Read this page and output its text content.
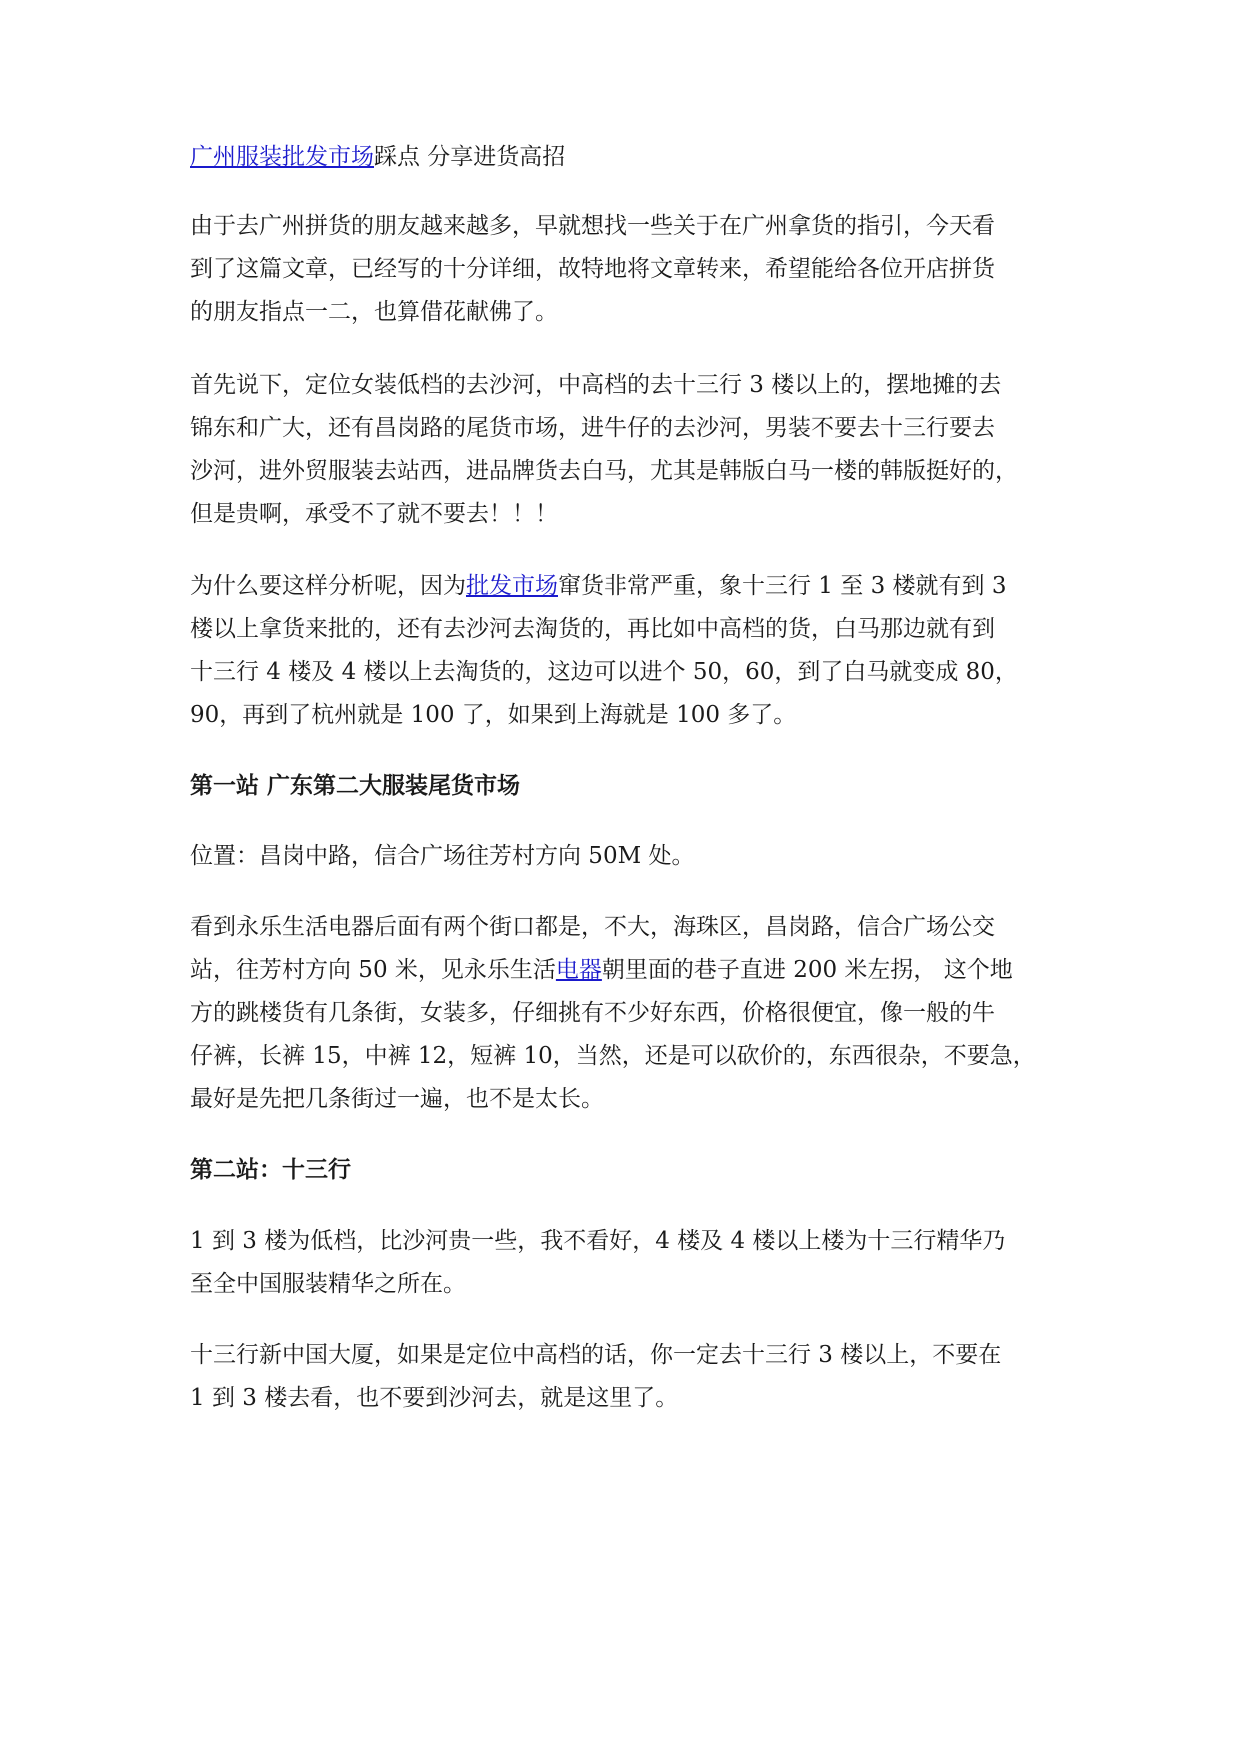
广州服装批发市场踩点 分享进货高招
由于去广州拼货的朋友越来越多，早就想找一些关于在广州拿货的指引，今天看
到了这篇文章，已经写的十分详细，故特地将文章转来，希望能给各位开店拼货
的朋友指点一二，也算借花献佛了。
首先说下，定位女装低档的去沙河，中高档的去十三行 3 楼以上的，摆地摊的去
锦东和广大，还有昌岗路的尾货市场，进牛仔的去沙河，男装不要去十三行要去
沙河，进外贸服装去站西，进品牌货去白马，尤其是韩版白马一楼的韩版挺好的，
但是贵啊，承受不了就不要去！！！
为什么要这样分析呢，因为批发市场窜货非常严重，象十三行 1 至 3 楼就有到 3
楼以上拿货来批的，还有去沙河去淘货的，再比如中高档的货，白马那边就有到
十三行 4 楼及 4 楼以上去淘货的，这边可以进个 50，60，到了白马就变成 80，
90，再到了杭州就是 100 了，如果到上海就是 100 多了。
第一站 广东第二大服装尾货市场
位置：昌岗中路，信合广场往芳村方向 50M 处。
看到永乐生活电器后面有两个街口都是，不大，海珠区，昌岗路，信合广场公交
站，往芳村方向 50 米，见永乐生活电器朝里面的巷子直进 200 米左拐， 这个地
方的跳楼货有几条街，女装多，仔细挑有不少好东西，价格很便宜，像一般的牛
仔裤，长裤 15，中裤 12，短裤 10，当然，还是可以砍价的，东西很杂，不要急，
最好是先把几条街过一遍，也不是太长。
第二站：十三行
1 到 3 楼为低档，比沙河贵一些，我不看好，4 楼及 4 楼以上楼为十三行精华乃
至全中国服装精华之所在。
十三行新中国大厦，如果是定位中高档的话，你一定去十三行 3 楼以上，不要在
1 到 3 楼去看，也不要到沙河去，就是这里了。
